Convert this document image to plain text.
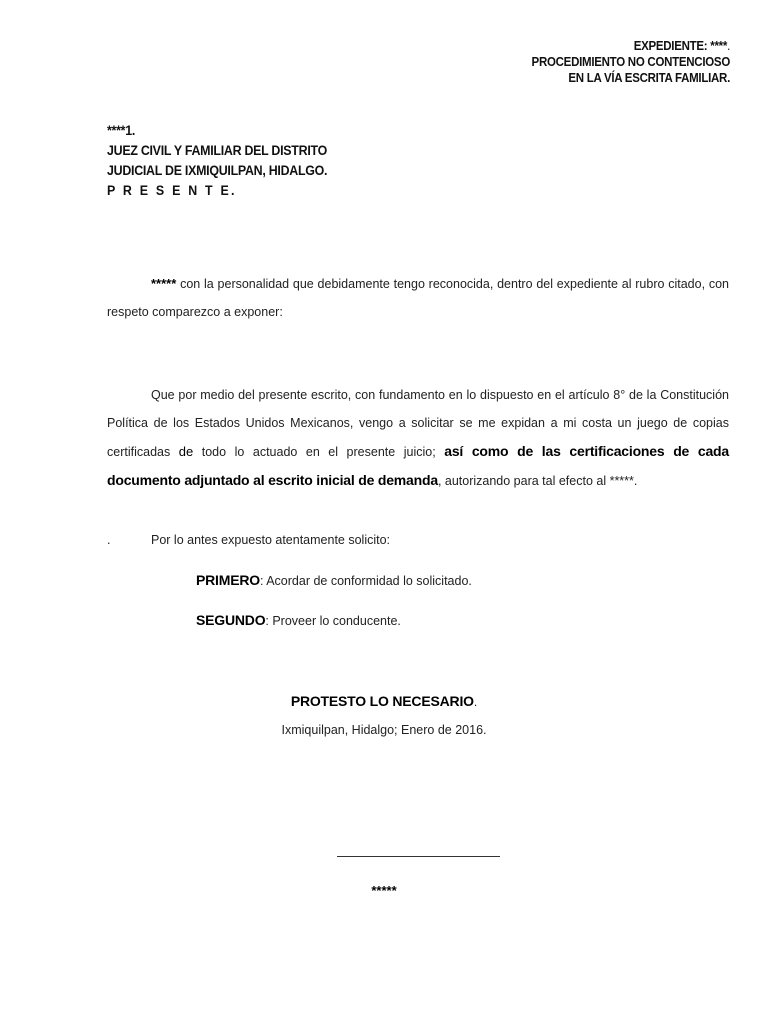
EXPEDIENTE: ****.
PROCEDIMIENTO NO CONTENCIOSO
EN LA VÍA ESCRITA FAMILIAR.
****1.
JUEZ CIVIL Y FAMILIAR DEL DISTRITO
JUDICIAL DE IXMIQUILPAN, HIDALGO.
P R E S E N T E.
***** con la personalidad que debidamente tengo reconocida, dentro del expediente al rubro citado, con respeto comparezco a exponer:
Que por medio del presente escrito, con fundamento en lo dispuesto en el artículo 8° de la Constitución Política de los Estados Unidos Mexicanos, vengo a solicitar se me expidan a mi costa un juego de copias certificadas de todo lo actuado en el presente juicio; así como de las certificaciones de cada documento adjuntado al escrito inicial de demanda, autorizando para tal efecto al *****.
.	Por lo antes expuesto atentamente solicito:
PRIMERO: Acordar de conformidad lo solicitado.
SEGUNDO: Proveer lo conducente.
PROTESTO LO NECESARIO.
Ixmiquilpan, Hidalgo; Enero de 2016.
*****
